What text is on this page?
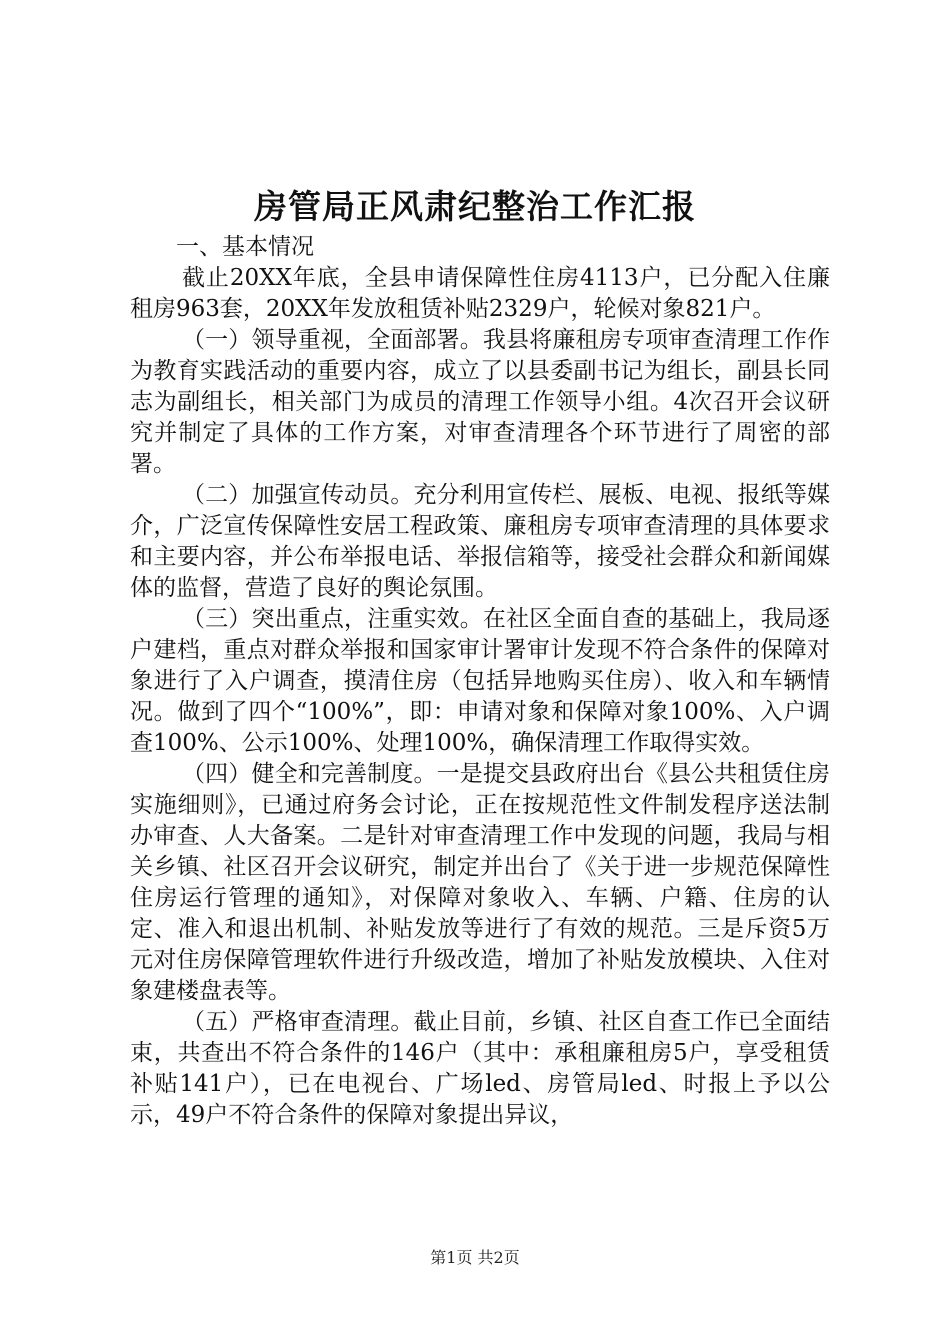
房管局正风肃纪整治工作汇报

一、基本情况

截止20XX年底，全县申请保障性住房4113户，已分配入住廉租房963套，20XX年发放租赁补贴2329户，轮候对象821户。

（一）领导重视，全面部署。我县将廉租房专项审查清理工作作为教育实践活动的重要内容，成立了以县委副书记为组长，副县长同志为副组长，相关部门为成员的清理工作领导小组。4次召开会议研究并制定了具体的工作方案，对审查清理各个环节进行了周密的部署。

（二）加强宣传动员。充分利用宣传栏、展板、电视、报纸等媒介，广泛宣传保障性安居工程政策、廉租房专项审查清理的具体要求和主要内容，并公布举报电话、举报信箱等，接受社会群众和新闻媒体的监督，营造了良好的舆论氛围。

（三）突出重点，注重实效。在社区全面自查的基础上，我局逐户建档，重点对群众举报和国家审计署审计发现不符合条件的保障对象进行了入户调查，摸清住房（包括异地购买住房）、收入和车辆情况。做到了四个“100%”，即：申请对象和保障对象100%、入户调查100%、公示100%、处理100%，确保清理工作取得实效。

（四）健全和完善制度。一是提交县政府出台《县公共租赁住房实施细则》，已通过府务会讨论，正在按规范性文件制发程序送法制办审查、人大备案。二是针对审查清理工作中发现的问题，我局与相关乡镇、社区召开会议研究，制定并出台了《关于进一步规范保障性住房运行管理的通知》，对保障对象收入、车辆、户籍、住房的认定、准入和退出机制、补贴发放等进行了有效的规范。三是斥资5万元对住房保障管理软件进行升级改造，增加了补贴发放模块、入住对象建楼盘表等。

（五）严格审查清理。截止目前，乡镇、社区自查工作已全面结束，共查出不符合条件的146户（其中：承租廉租房5户，享受租赁补贴141户），已在电视台、广场led、房管局led、时报上予以公示，49户不符合条件的保障对象提出异议，

第1页 共2页
